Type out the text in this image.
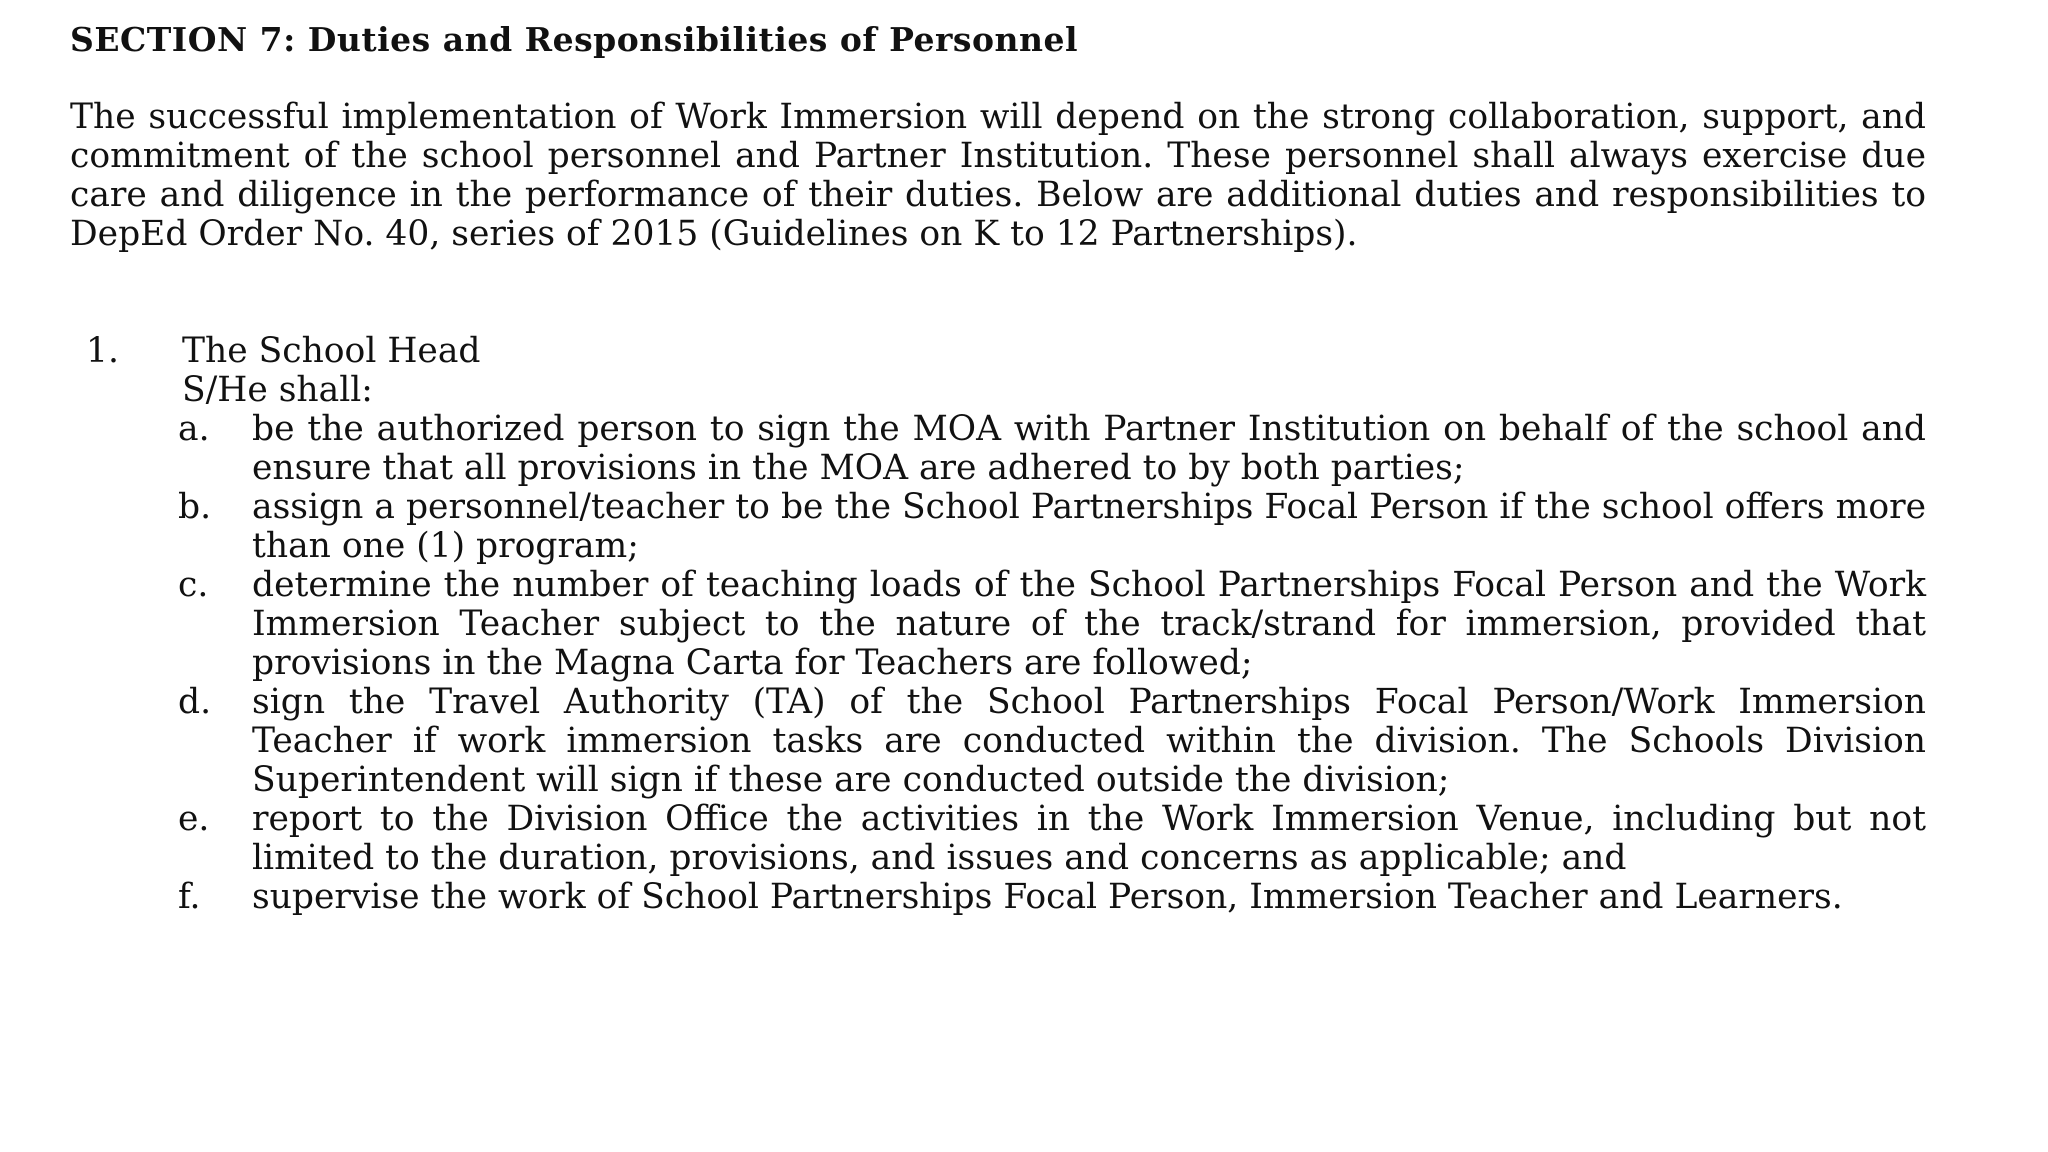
SECTION 7: Duties and Responsibilities of Personnel
The successful implementation of Work Immersion will depend on the strong collaboration, support, and commitment of the school personnel and Partner Institution. These personnel shall always exercise due care and diligence in the performance of their duties. Below are additional duties and responsibilities to DepEd Order No. 40, series of 2015 (Guidelines on K to 12 Partnerships).
1. The School Head
S/He shall:
a.	be the authorized person to sign the MOA with Partner Institution on behalf of the school and ensure that all provisions in the MOA are adhered to by both parties;
b.	assign a personnel/teacher to be the School Partnerships Focal Person if the school offers more than one (1) program;
c.	determine the number of teaching loads of the School Partnerships Focal Person and the Work Immersion Teacher subject to the nature of the track/strand for immersion, provided that provisions in the Magna Carta for Teachers are followed;
d.	sign the Travel Authority (TA) of the School Partnerships Focal Person/Work Immersion Teacher if work immersion tasks are conducted within the division. The Schools Division Superintendent will sign if these are conducted outside the division;
e.	report to the Division Office the activities in the Work Immersion Venue, including but not limited to the duration, provisions, and issues and concerns as applicable; and
f.	supervise the work of School Partnerships Focal Person, Immersion Teacher and Learners.
